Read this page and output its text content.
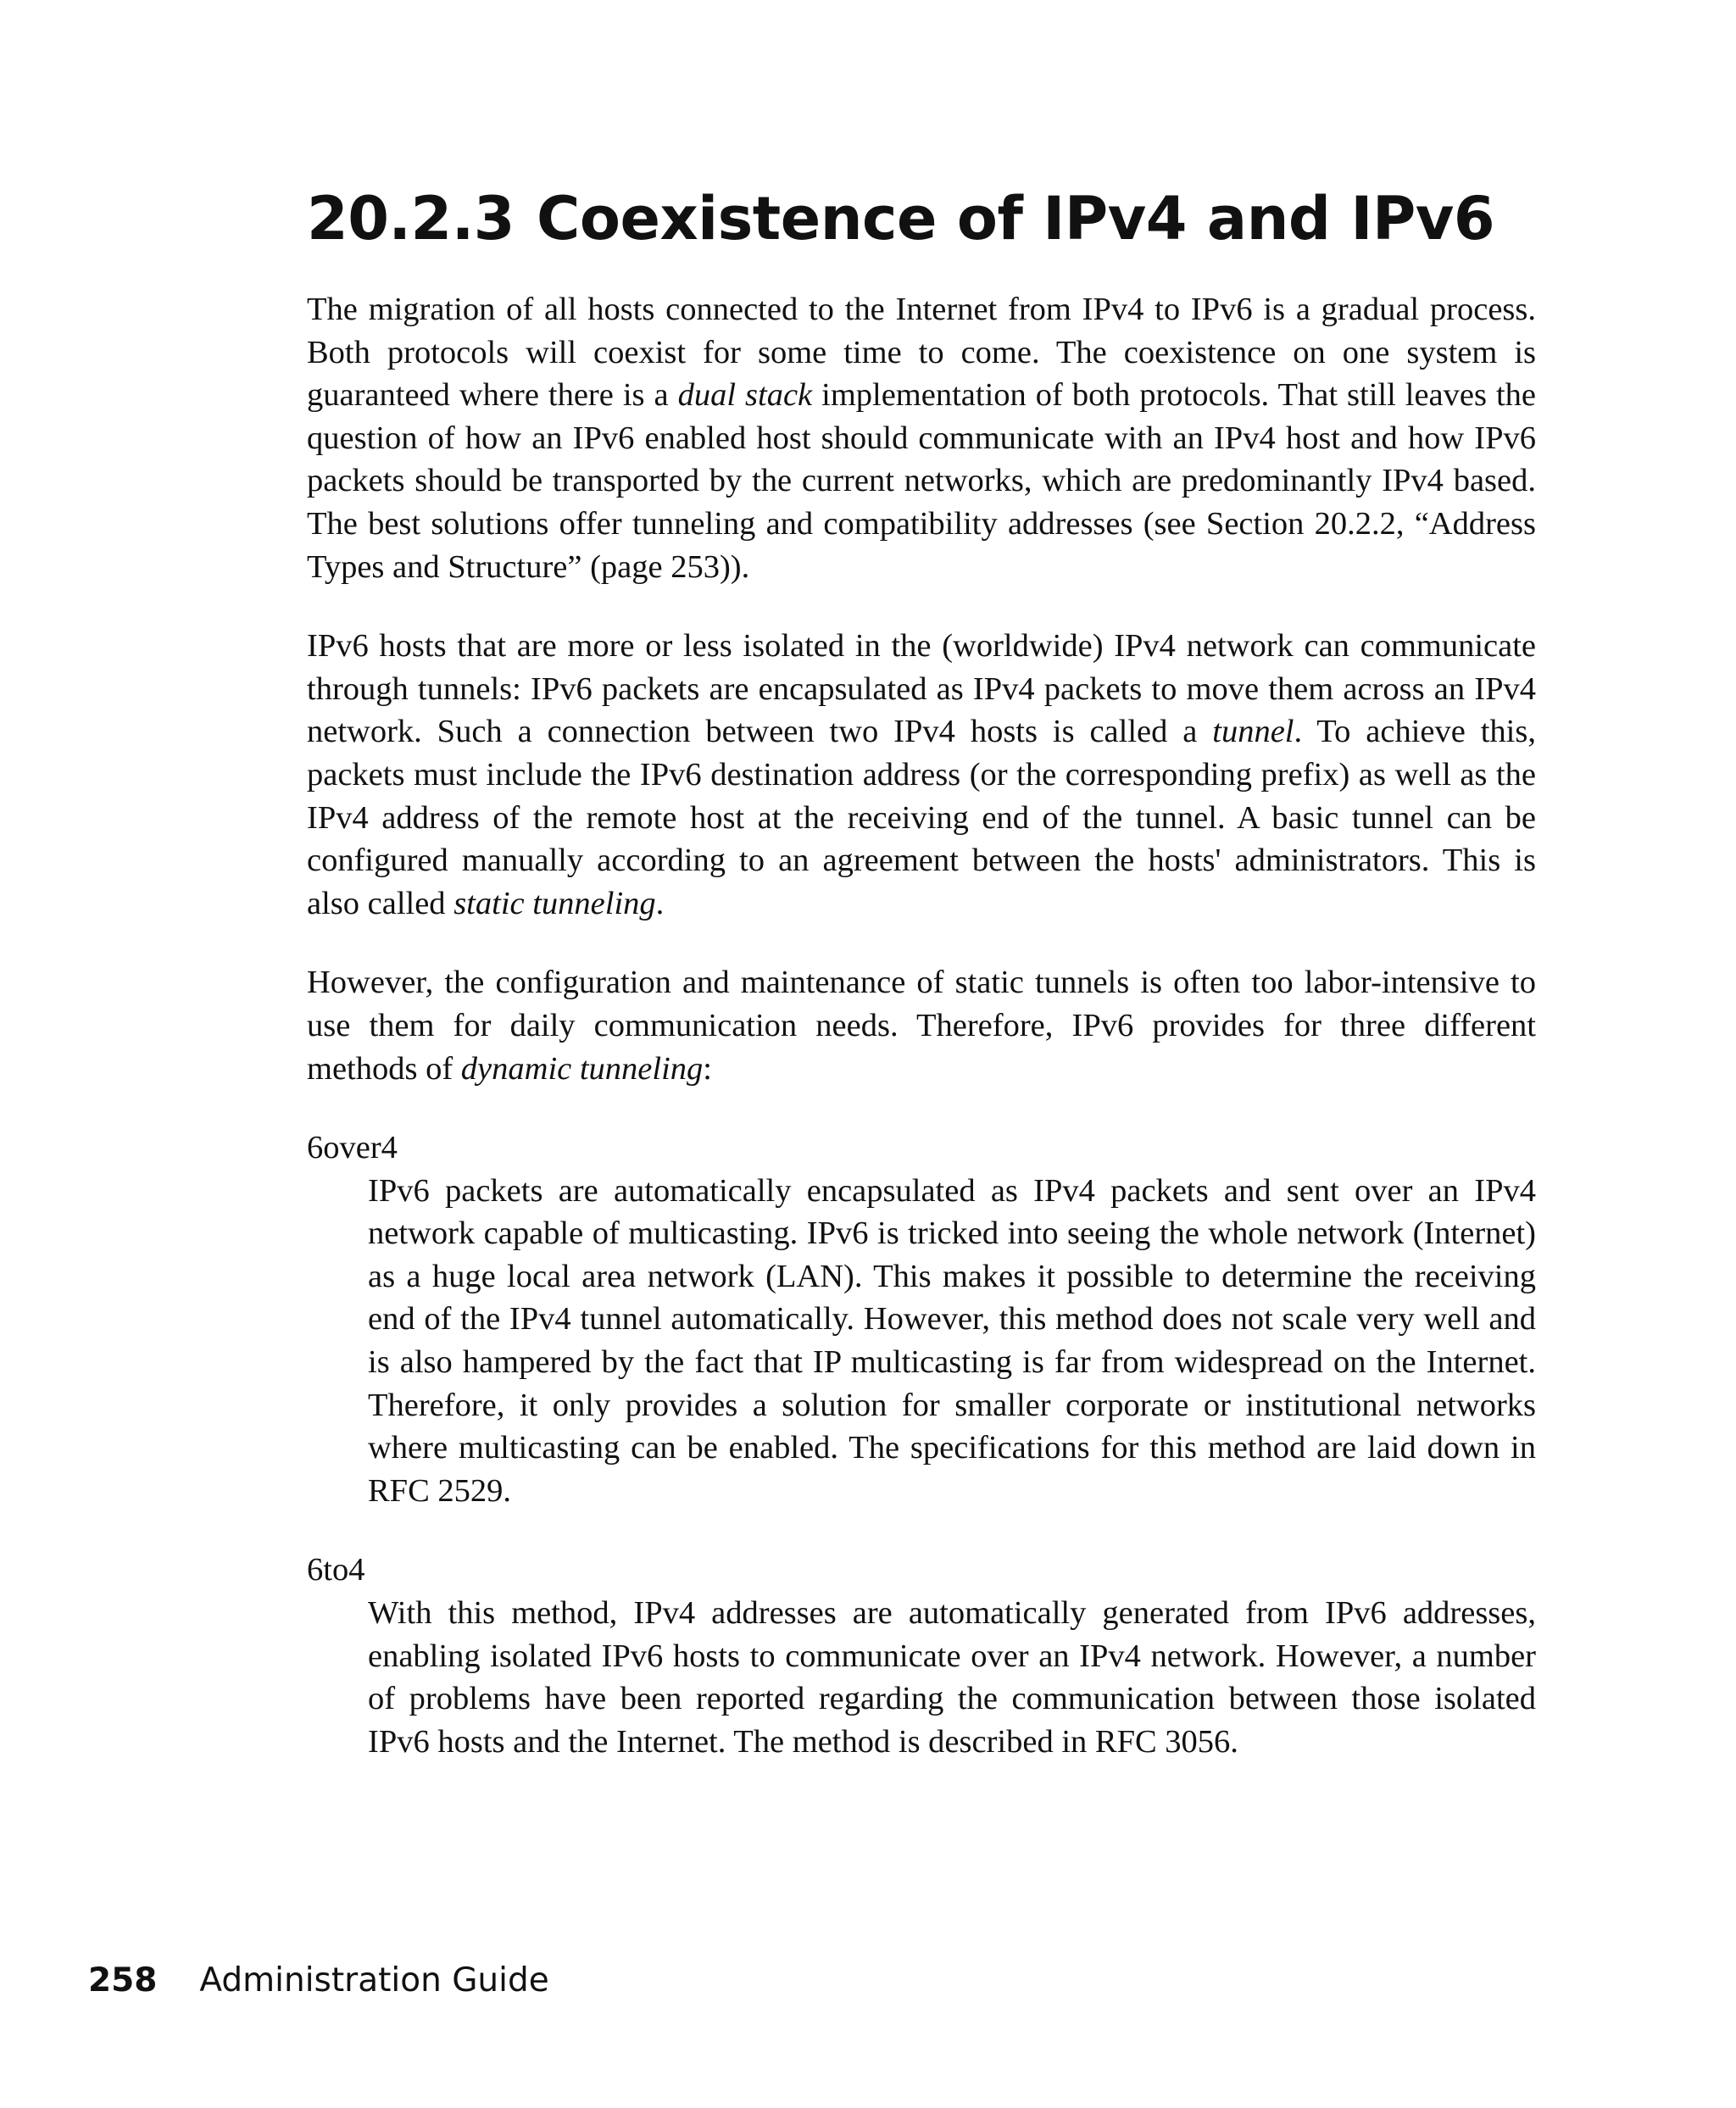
20.2.3 Coexistence of IPv4 and IPv6

The migration of all hosts connected to the Internet from IPv4 to IPv6 is a gradual process. Both protocols will coexist for some time to come. The coexistence on one system is guaranteed where there is a dual stack implementation of both protocols. That still leaves the question of how an IPv6 enabled host should communicate with an IPv4 host and how IPv6 packets should be transported by the current networks, which are predominantly IPv4 based. The best solutions offer tunneling and compatibility addresses (see Section 20.2.2, “Address Types and Structure” (page 253)).

IPv6 hosts that are more or less isolated in the (worldwide) IPv4 network can communicate through tunnels: IPv6 packets are encapsulated as IPv4 packets to move them across an IPv4 network. Such a connection between two IPv4 hosts is called a tunnel. To achieve this, packets must include the IPv6 destination address (or the corresponding prefix) as well as the IPv4 address of the remote host at the receiving end of the tunnel. A basic tunnel can be configured manually according to an agreement between the hosts' administrators. This is also called static tunneling.

However, the configuration and maintenance of static tunnels is often too labor-intensive to use them for daily communication needs. Therefore, IPv6 provides for three different methods of dynamic tunneling:

6over4
IPv6 packets are automatically encapsulated as IPv4 packets and sent over an IPv4 network capable of multicasting. IPv6 is tricked into seeing the whole network (Internet) as a huge local area network (LAN). This makes it possible to determine the receiving end of the IPv4 tunnel automatically. However, this method does not scale very well and is also hampered by the fact that IP multicasting is far from widespread on the Internet. Therefore, it only provides a solution for smaller corporate or institutional networks where multicasting can be enabled. The specifications for this method are laid down in RFC 2529.
6to4
With this method, IPv4 addresses are automatically generated from IPv6 addresses, enabling isolated IPv6 hosts to communicate over an IPv4 network. However, a number of problems have been reported regarding the communication between those isolated IPv6 hosts and the Internet. The method is described in RFC 3056.
258 Administration Guide
